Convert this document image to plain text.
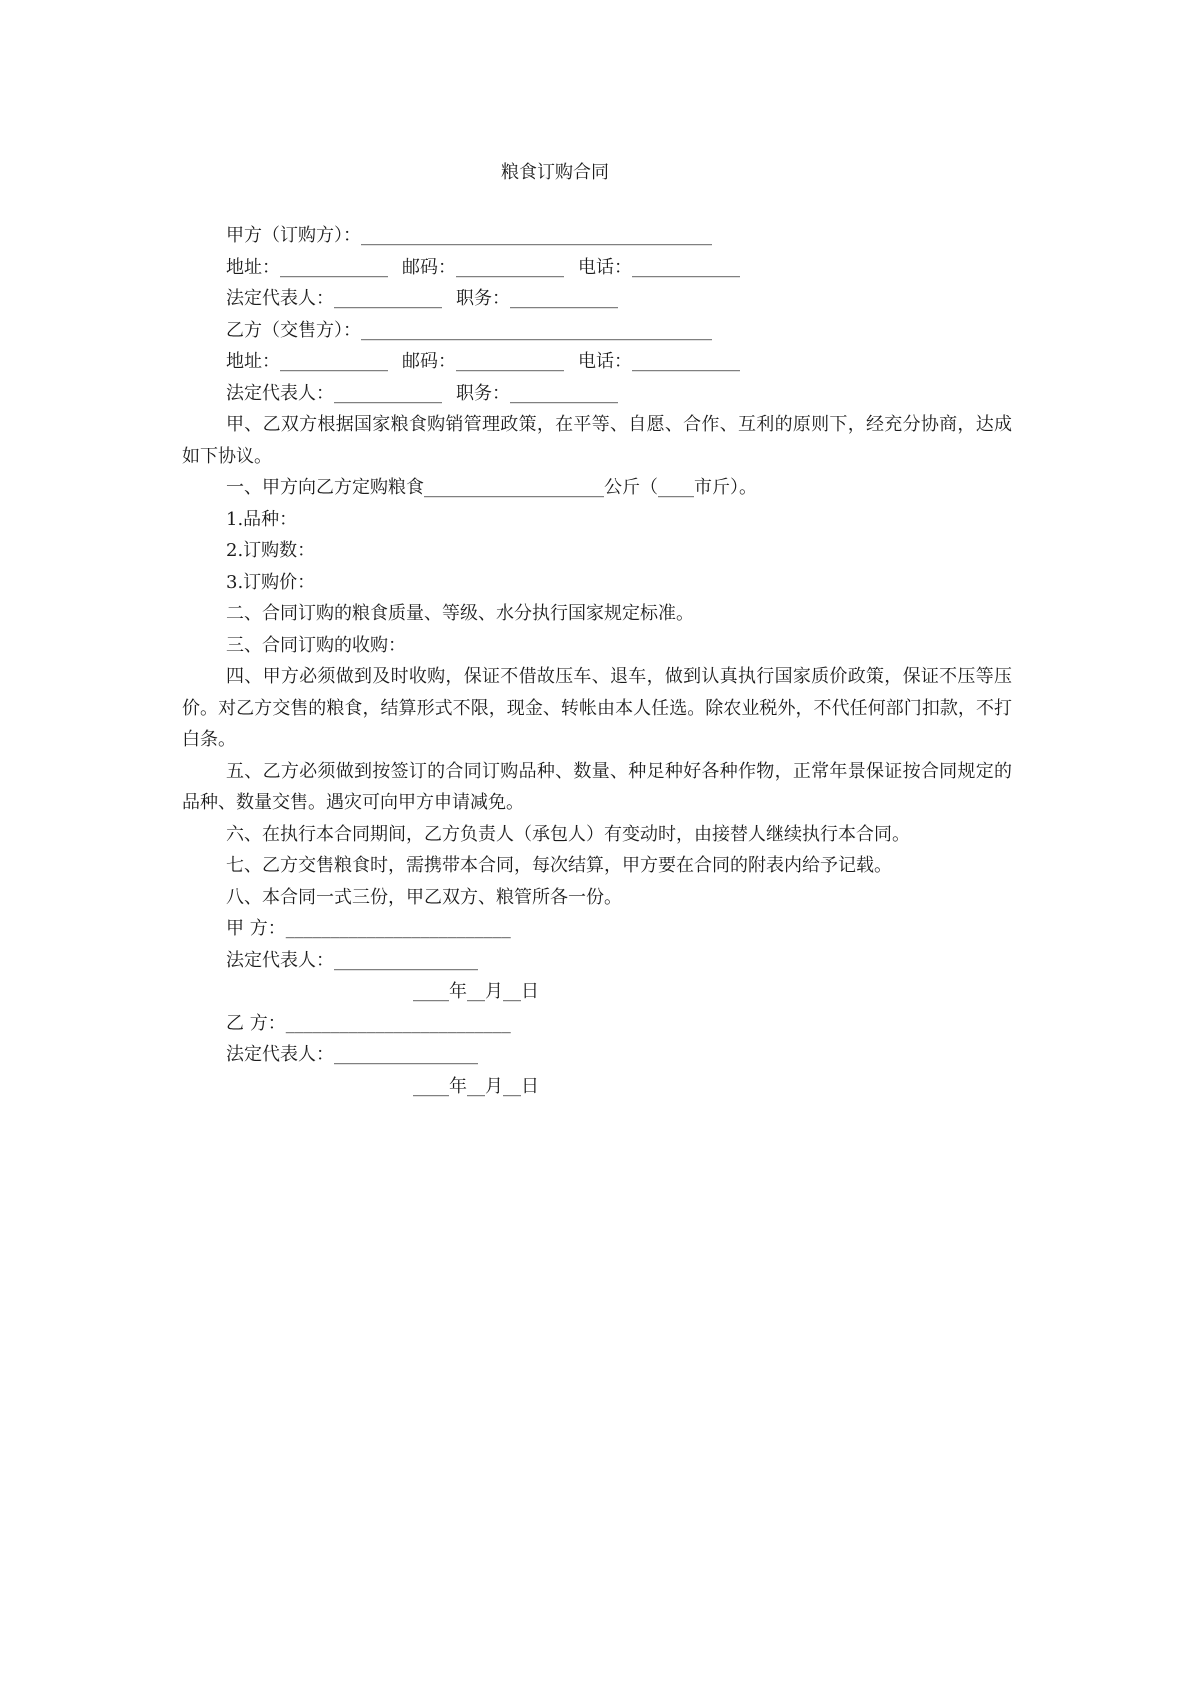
粮食订购合同
甲方（订购方）：_______________________________________
地址：____________ 邮码：____________ 电话：____________
法定代表人：____________ 职务：____________
乙方（交售方）：_______________________________________
地址：____________ 邮码：____________ 电话：____________
法定代表人：____________ 职务：____________
甲、乙双方根据国家粮食购销管理政策，在平等、自愿、合作、互利的原则下，经充分协商，达成如下协议。
一、甲方向乙方定购粮食____________________公斤（____市斤）。
1.品种：
2.订购数：
3.订购价：
二、合同订购的粮食质量、等级、水分执行国家规定标准。
三、合同订购的收购：
四、甲方必须做到及时收购，保证不借故压车、退车，做到认真执行国家质价政策，保证不压等压价。对乙方交售的粮食，结算形式不限，现金、转帐由本人任选。除农业税外，不代任何部门扣款，不打白条。
五、乙方必须做到按签订的合同订购品种、数量、种足种好各种作物，正常年景保证按合同规定的品种、数量交售。遇灾可向甲方申请减免。
六、在执行本合同期间，乙方负责人（承包人）有变动时，由接替人继续执行本合同。
七、乙方交售粮食时，需携带本合同，每次结算，甲方要在合同的附表内给予记载。
八、本合同一式三份，甲乙双方、粮管所各一份。
甲 方：_________________________
法定代表人：________________
____年__月__日
乙 方：_________________________
法定代表人：________________
____年__月__日
